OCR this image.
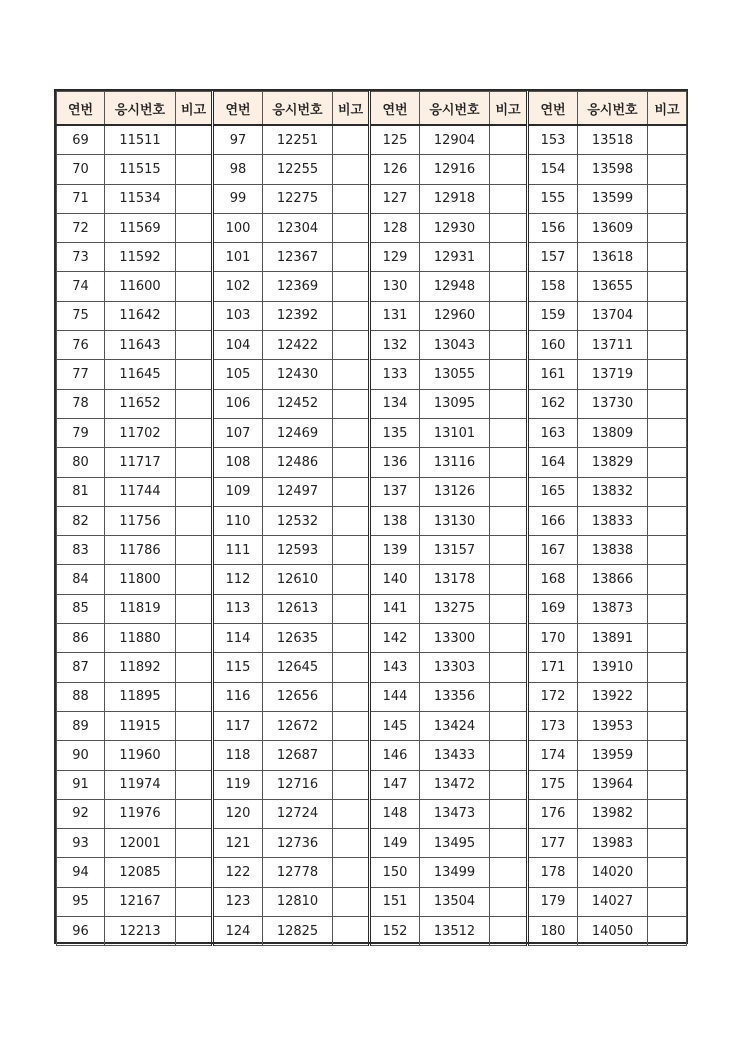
연번	응시번호	비고	연번	응시번호	비고	연번	응시번호	비고	연번	응시번호	비고
69	11511		97	12251		125	12904		153	13518	
70	11515		98	12255		126	12916		154	13598	
71	11534		99	12275		127	12918		155	13599	
72	11569		100	12304		128	12930		156	13609	
73	11592		101	12367		129	12931		157	13618	
74	11600		102	12369		130	12948		158	13655	
75	11642		103	12392		131	12960		159	13704	
76	11643		104	12422		132	13043		160	13711	
77	11645		105	12430		133	13055		161	13719	
78	11652		106	12452		134	13095		162	13730	
79	11702		107	12469		135	13101		163	13809	
80	11717		108	12486		136	13116		164	13829	
81	11744		109	12497		137	13126		165	13832	
82	11756		110	12532		138	13130		166	13833	
83	11786		111	12593		139	13157		167	13838	
84	11800		112	12610		140	13178		168	13866	
85	11819		113	12613		141	13275		169	13873	
86	11880		114	12635		142	13300		170	13891	
87	11892		115	12645		143	13303		171	13910	
88	11895		116	12656		144	13356		172	13922	
89	11915		117	12672		145	13424		173	13953	
90	11960		118	12687		146	13433		174	13959	
91	11974		119	12716		147	13472		175	13964	
92	11976		120	12724		148	13473		176	13982	
93	12001		121	12736		149	13495		177	13983	
94	12085		122	12778		150	13499		178	14020	
95	12167		123	12810		151	13504		179	14027	
96	12213		124	12825		152	13512		180	14050	
